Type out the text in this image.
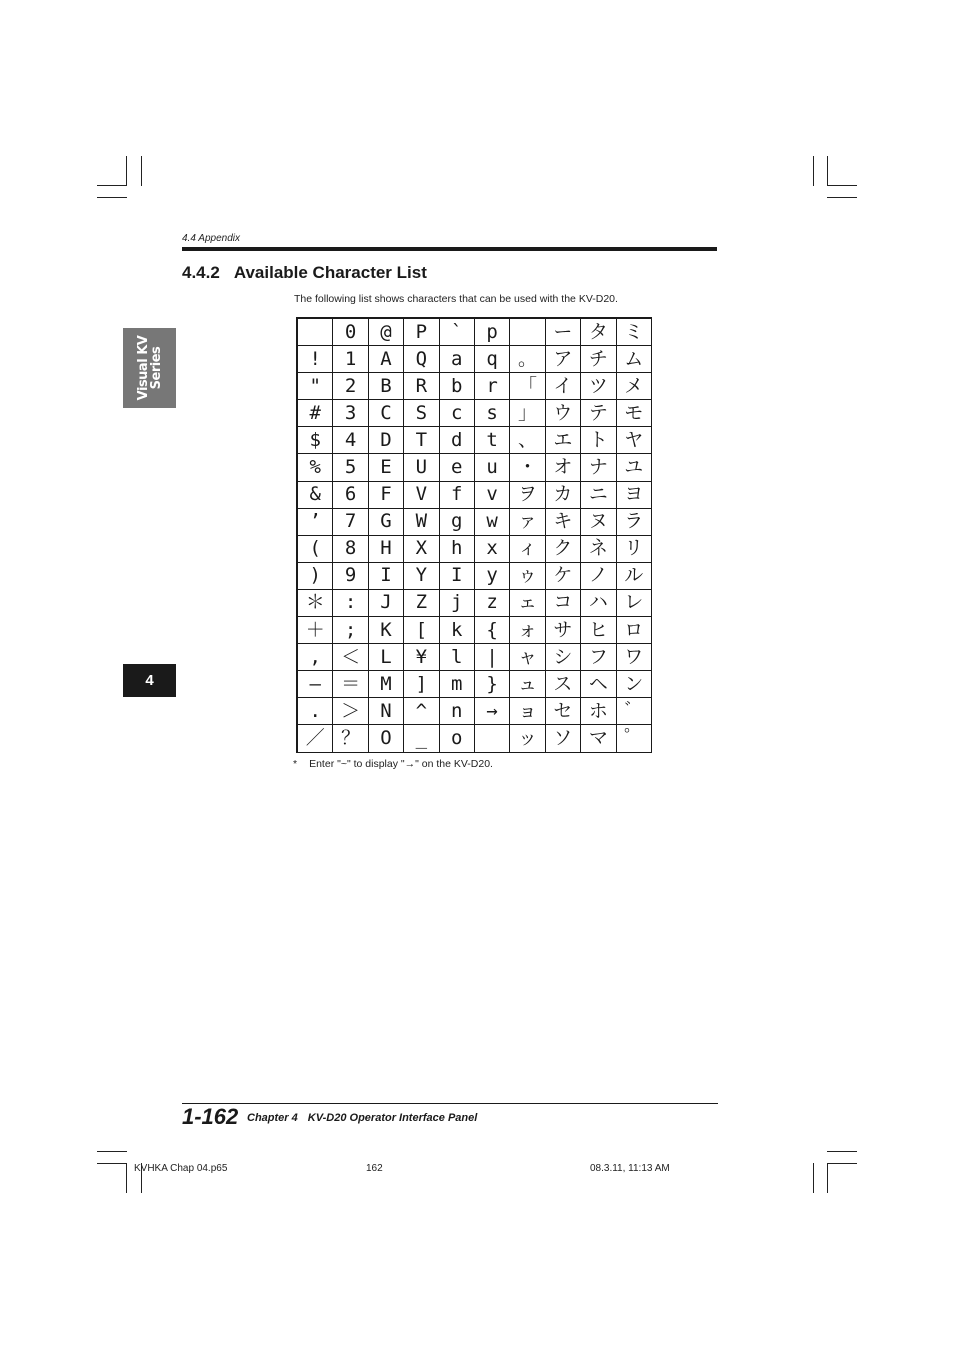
4.4 Appendix
4.4.2 Available Character List

The following list shows characters that can be used with the KV-D20.

Visual KV
Series
4
	0	@	P	`	p		ー	タ	ミ
!	1	A	Q	a	q	。	ア	チ	ム
"	2	B	R	b	r	「	イ	ツ	メ
#	3	C	S	c	s	」	ウ	テ	モ
$	4	D	T	d	t	、	エ	ト	ヤ
%	5	E	U	e	u	・	オ	ナ	ユ
&	6	F	V	f	v	ヲ	カ	ニ	ヨ
’	7	G	W	g	w	ァ	キ	ヌ	ラ
(	8	H	X	h	x	ィ	ク	ネ	リ
)	9	I	Y	I	y	ゥ	ケ	ノ	ル
＊	:	J	Z	j	z	ェ	コ	ハ	レ
＋	;	K	[	k	{	ォ	サ	ヒ	ロ
,	＜	L	¥	l	|	ャ	シ	フ	ワ
—	＝	M	]	m	}	ュ	ス	ヘ	ン
.	＞	N	^	n	→	ョ	セ	ホ	゛
／	？	O	_	o		ッ	ソ	マ	゜

* Enter "~" to display "→" on the KV-D20.

1-162 Chapter 4 KV-D20 Operator Interface Panel
KVHKA Chap 04.p65	162	08.3.11, 11:13 AM
